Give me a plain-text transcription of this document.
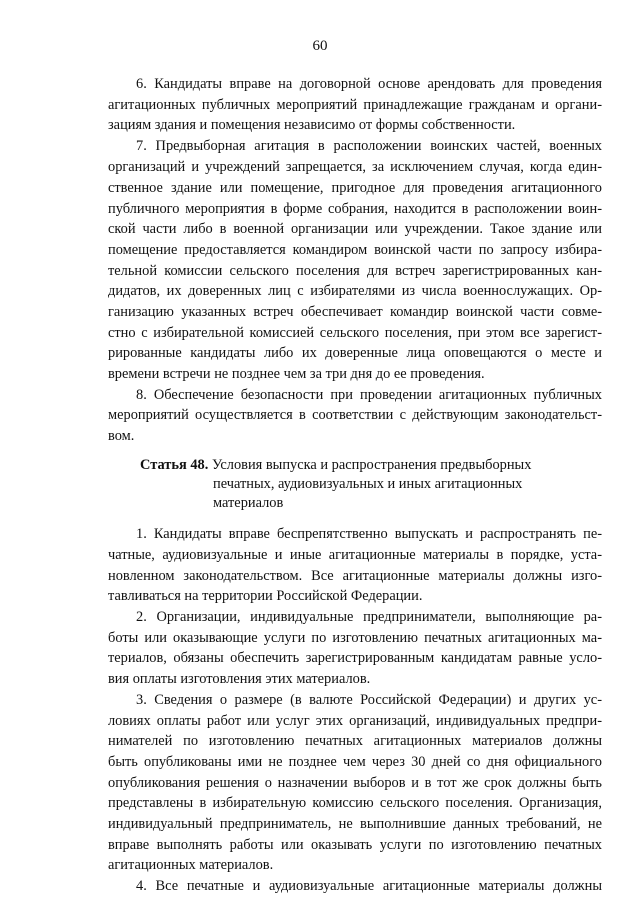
60
6. Кандидаты вправе на договорной основе арендовать для проведения
агитационных публичных мероприятий принадлежащие гражданам и органи-
зациям здания и помещения независимо от формы собственности.
7. Предвыборная агитация в расположении воинских частей, военных
организаций и учреждений запрещается, за исключением случая, когда един-
ственное здание или помещение, пригодное для проведения агитационного
публичного мероприятия в форме собрания, находится в расположении воин-
ской части либо в военной организации или учреждении. Такое здание или
помещение предоставляется командиром воинской части по запросу избира-
тельной комиссии сельского поселения для встреч зарегистрированных кан-
дидатов, их доверенных лиц с избирателями из числа военнослужащих. Ор-
ганизацию указанных встреч обеспечивает командир воинской части совме-
стно с избирательной комиссией сельского поселения, при этом все зарегист-
рированные кандидаты либо их доверенные лица оповещаются о месте и
времени встречи не позднее чем за три дня до ее проведения.
8. Обеспечение безопасности при проведении агитационных публичных
мероприятий осуществляется в соответствии с действующим законодательст-
вом.
Статья 48. Условия выпуска и распространения предвыборных
печатных, аудиовизуальных и иных агитационных
материалов
1. Кандидаты вправе беспрепятственно выпускать и распространять пе-
чатные, аудиовизуальные и иные агитационные материалы в порядке, уста-
новленном законодательством. Все агитационные материалы должны изго-
тавливаться на территории Российской Федерации.
2. Организации, индивидуальные предприниматели, выполняющие ра-
боты или оказывающие услуги по изготовлению печатных агитационных ма-
териалов, обязаны обеспечить зарегистрированным кандидатам равные усло-
вия оплаты изготовления этих материалов.
3. Сведения о размере (в валюте Российской Федерации) и других ус-
ловиях оплаты работ или услуг этих организаций, индивидуальных предпри-
нимателей по изготовлению печатных агитационных материалов должны
быть опубликованы ими не позднее чем через 30 дней со дня официального
опубликования решения о назначении выборов и в тот же срок должны быть
представлены в избирательную комиссию сельского поселения. Организация,
индивидуальный предприниматель, не выполнившие данных требований, не
вправе выполнять работы или оказывать услуги по изготовлению печатных
агитационных материалов.
4. Все печатные и аудиовизуальные агитационные материалы должны
